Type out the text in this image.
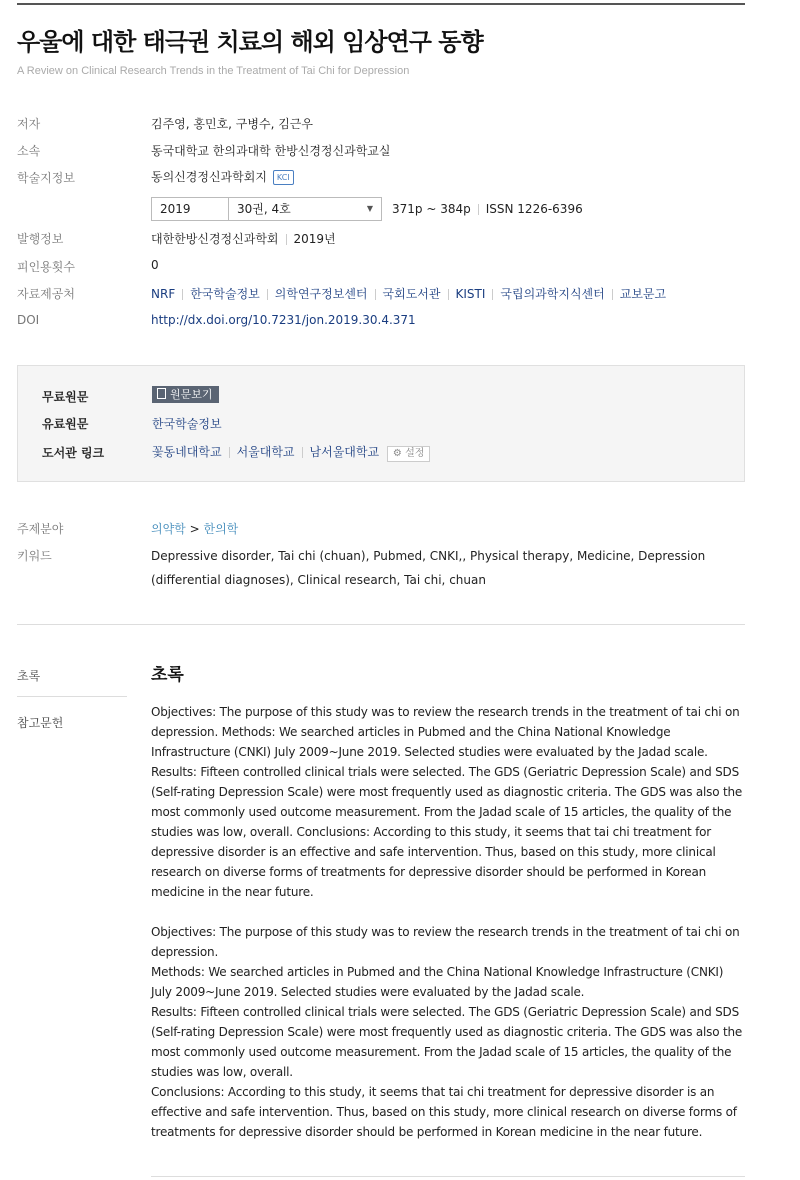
우울에 대한 태극권 치료의 해외 임상연구 동향
A Review on Clinical Research Trends in the Treatment of Tai Chi for Depression
저자	김주영, 홍민호, 구병수, 김근우
소속	동국대학교 한의과대학 한방신경정신과학교실
학술지정보	동의신경정신과학회지 KCI
2019	30권, 4호	▼ 371p ~ 384p ISSN 1226-6396
발행정보	대한한방신경정신과학회 2019년
피인용횟수	0
자료제공처	NRF 한국학술정보 의학연구정보센터 국회도서관 KISTI 국립의과학지식센터 교보문고
DOI	http://dx.doi.org/10.7231/jon.2019.30.4.371
무료원문	원문보기
유료원문	한국학술정보
도서관 링크	꽃동네대학교 서울대학교 남서울대학교 ⚙ 설정
주제분야	의약학 > 한의학
키워드	Depressive disorder, Tai chi (chuan), Pubmed, CNKI,, Physical therapy, Medicine, Depression (differential diagnoses), Clinical research, Tai chi, chuan
초록
참고문헌
초록

Objectives: The purpose of this study was to review the research trends in the treatment of tai chi on depression. Methods: We searched articles in Pubmed and the China National Knowledge Infrastructure (CNKI) July 2009~June 2019. Selected studies were evaluated by the Jadad scale. Results: Fifteen controlled clinical trials were selected. The GDS (Geriatric Depression Scale) and SDS (Self-rating Depression Scale) were most frequently used as diagnostic criteria. The GDS was also the most commonly used outcome measurement. From the Jadad scale of 15 articles, the quality of the studies was low, overall. Conclusions: According to this study, it seems that tai chi treatment for depressive disorder is an effective and safe intervention. Thus, based on this study, more clinical research on diverse forms of treatments for depressive disorder should be performed in Korean medicine in the near future.

Objectives: The purpose of this study was to review the research trends in the treatment of tai chi on depression.

Methods: We searched articles in Pubmed and the China National Knowledge Infrastructure (CNKI) July 2009~June 2019. Selected studies were evaluated by the Jadad scale.

Results: Fifteen controlled clinical trials were selected. The GDS (Geriatric Depression Scale) and SDS (Self-rating Depression Scale) were most frequently used as diagnostic criteria. The GDS was also the most commonly used outcome measurement. From the Jadad scale of 15 articles, the quality of the studies was low, overall.

Conclusions: According to this study, it seems that tai chi treatment for depressive disorder is an effective and safe intervention. Thus, based on this study, more clinical research on diverse forms of treatments for depressive disorder should be performed in Korean medicine in the near future.
